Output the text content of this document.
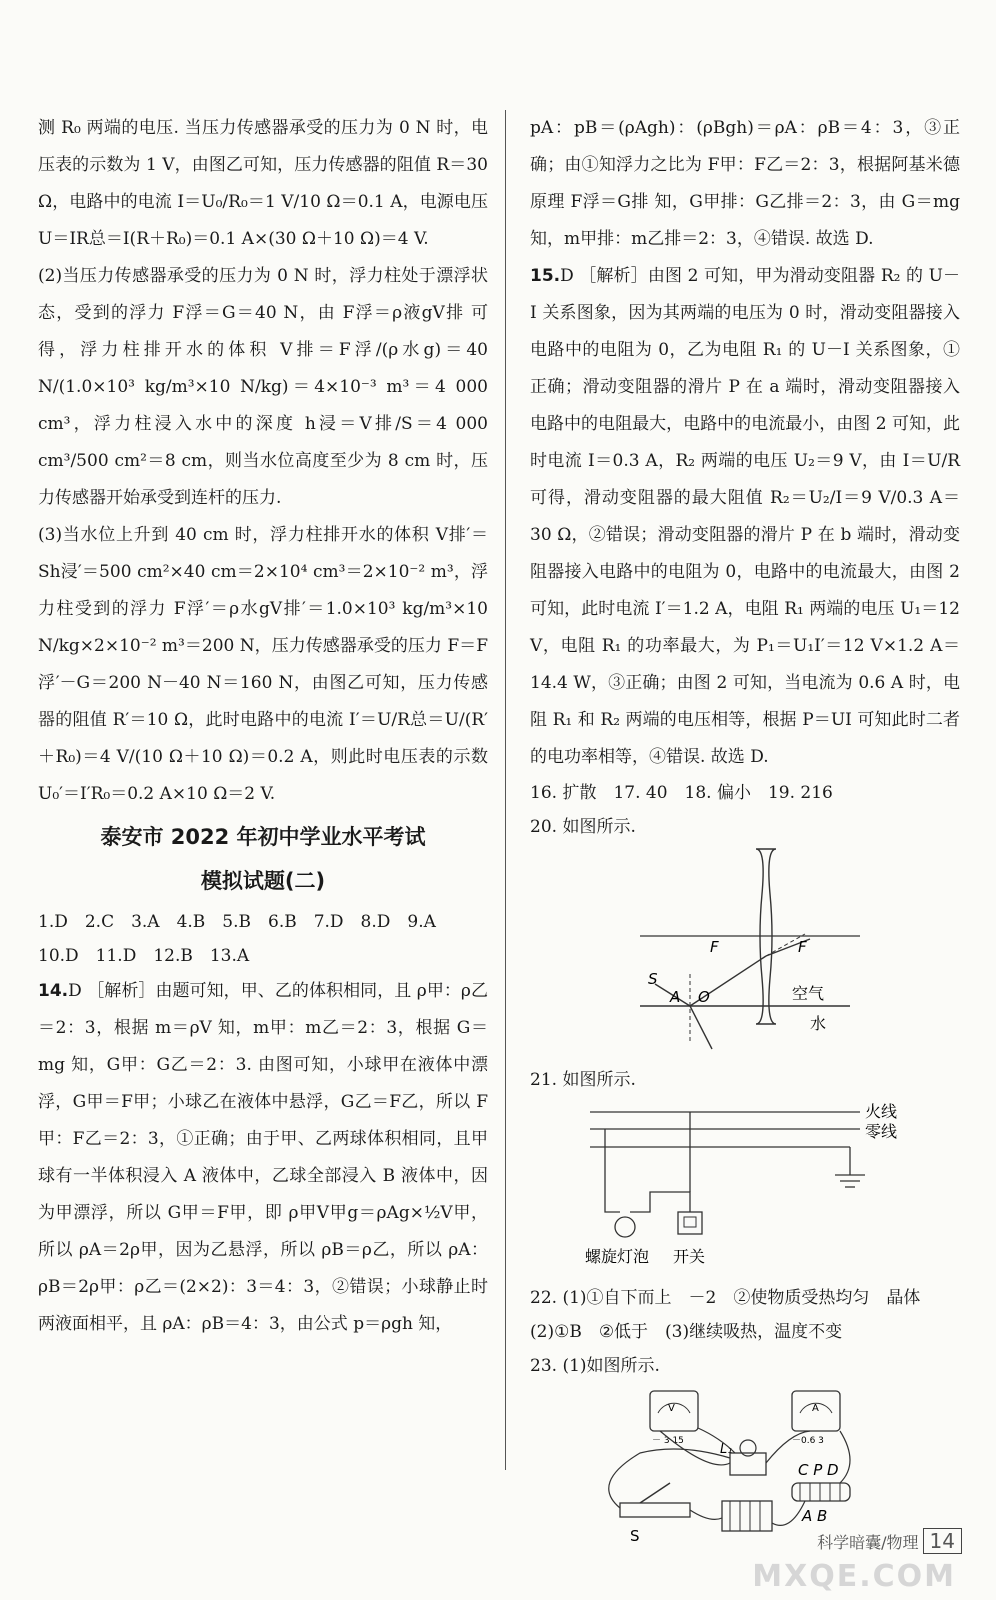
测 R₀ 两端的电压. 当压力传感器承受的压力为 0 N 时，电压表的示数为 1 V，由图乙可知，压力传感器的阻值 R＝30 Ω，电路中的电流 I＝U₀/R₀＝1 V/10 Ω＝0.1 A，电源电压 U＝IR总＝I(R＋R₀)＝0.1 A×(30 Ω＋10 Ω)＝4 V.

(2)当压力传感器承受的压力为 0 N 时，浮力柱处于漂浮状态，受到的浮力 F浮＝G＝40 N，由 F浮＝ρ液gV排 可得，浮力柱排开水的体积 V排＝F浮/(ρ水g)＝40 N/(1.0×10³ kg/m³×10 N/kg)＝4×10⁻³ m³＝4 000 cm³，浮力柱浸入水中的深度 h浸＝V排/S＝4 000 cm³/500 cm²＝8 cm，则当水位高度至少为 8 cm 时，压力传感器开始承受到连杆的压力.

(3)当水位上升到 40 cm 时，浮力柱排开水的体积 V排′＝Sh浸′＝500 cm²×40 cm＝2×10⁴ cm³＝2×10⁻² m³，浮力柱受到的浮力 F浮′＝ρ水gV排′＝1.0×10³ kg/m³×10 N/kg×2×10⁻² m³＝200 N，压力传感器承受的压力 F＝F浮′－G＝200 N－40 N＝160 N，由图乙可知，压力传感器的阻值 R′＝10 Ω，此时电路中的电流 I′＝U/R总＝U/(R′＋R₀)＝4 V/(10 Ω＋10 Ω)＝0.2 A，则此时电压表的示数 U₀′＝I′R₀＝0.2 A×10 Ω＝2 V.

泰安市 2022 年初中学业水平考试
模拟试题(二)

1.D　2.C　3.A　4.B　5.B　6.B　7.D　8.D　9.A

10.D　11.D　12.B　13.A

14.D ［解析］由题可知，甲、乙的体积相同，且 ρ甲：ρ乙＝2：3，根据 m＝ρV 知，m甲：m乙＝2：3，根据 G＝mg 知，G甲：G乙＝2：3. 由图可知，小球甲在液体中漂浮，G甲＝F甲；小球乙在液体中悬浮，G乙＝F乙，所以 F甲：F乙＝2：3，①正确；由于甲、乙两球体积相同，且甲球有一半体积浸入 A 液体中，乙球全部浸入 B 液体中，因为甲漂浮，所以 G甲＝F甲，即 ρ甲V甲g＝ρAg×½V甲，所以 ρA＝2ρ甲，因为乙悬浮，所以 ρB＝ρ乙，所以 ρA：ρB＝2ρ甲：ρ乙＝(2×2)：3＝4：3，②错误；小球静止时两液面相平，且 ρA：ρB＝4：3，由公式 p＝ρgh 知，

pA：pB＝(ρAgh)：(ρBgh)＝ρA：ρB＝4：3，③正确；由①知浮力之比为 F甲：F乙＝2：3，根据阿基米德原理 F浮＝G排 知，G甲排：G乙排＝2：3，由 G＝mg 知，m甲排：m乙排＝2：3，④错误. 故选 D.

15.D ［解析］由图 2 可知，甲为滑动变阻器 R₂ 的 U－I 关系图象，因为其两端的电压为 0 时，滑动变阻器接入电路中的电阻为 0，乙为电阻 R₁ 的 U－I 关系图象，①正确；滑动变阻器的滑片 P 在 a 端时，滑动变阻器接入电路中的电阻最大，电路中的电流最小，由图 2 可知，此时电流 I＝0.3 A，R₂ 两端的电压 U₂＝9 V，由 I＝U/R 可得，滑动变阻器的最大阻值 R₂＝U₂/I＝9 V/0.3 A＝30 Ω，②错误；滑动变阻器的滑片 P 在 b 端时，滑动变阻器接入电路中的电阻为 0，电路中的电流最大，由图 2 可知，此时电流 I′＝1.2 A，电阻 R₁ 两端的电压 U₁＝12 V，电阻 R₁ 的功率最大，为 P₁＝U₁I′＝12 V×1.2 A＝14.4 W，③正确；由图 2 可知，当电流为 0.6 A 时，电阻 R₁ 和 R₂ 两端的电压相等，根据 P＝UI 可知此时二者的电功率相等，④错误. 故选 D.

16. 扩散　17. 40　18. 偏小　19. 216

20. 如图所示.

S
A O
F	F
空气
水

21. 如图所示.

火线
零线
螺旋灯泡 开关

22. (1)①自下而上　－2　②使物质受热均匀　晶体

(2)①B　②低于　(3)继续吸热，温度不变

23. (1)如图所示.

V
－ 3 15
A
－0.6 3
L₁
S
C P D
A B
科学暗囊/物理 14
MXQE.COM
